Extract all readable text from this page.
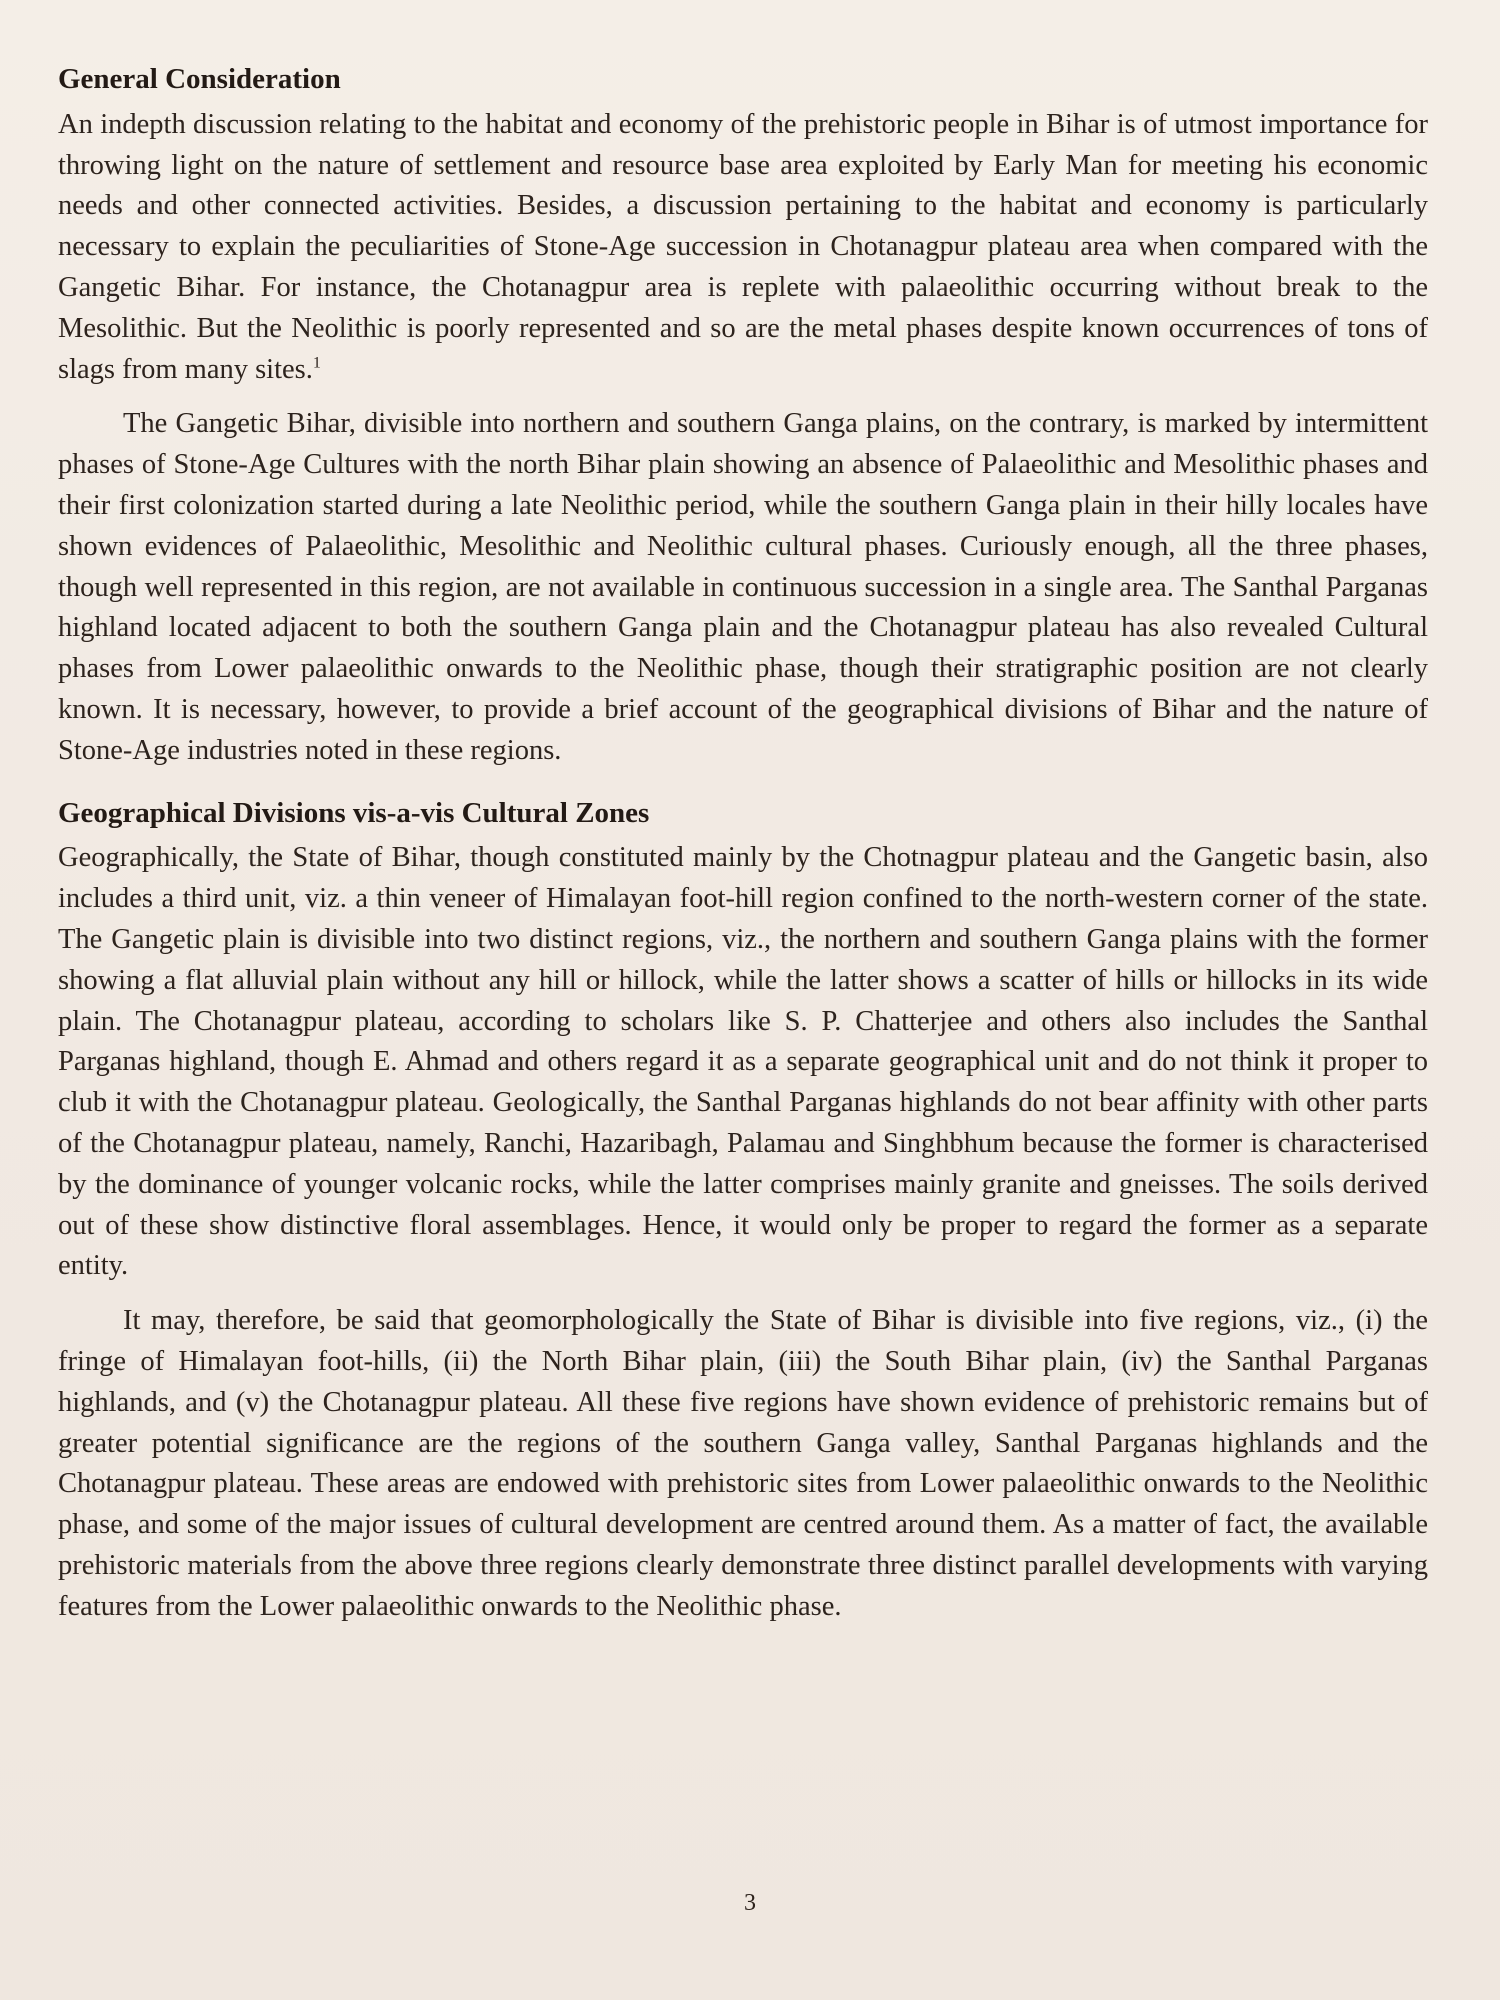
General Consideration

An indepth discussion relating to the habitat and economy of the prehistoric people in Bihar is of utmost importance for throwing light on the nature of settlement and resource base area exploited by Early Man for meeting his economic needs and other connected activities. Besides, a discussion pertaining to the habitat and economy is particularly necessary to explain the peculiarities of Stone-Age succession in Chotanagpur plateau area when compared with the Gangetic Bihar. For instance, the Chotanagpur area is replete with palaeolithic occurring without break to the Mesolithic. But the Neolithic is poorly represented and so are the metal phases despite known occurrences of tons of slags from many sites.$^1$

The Gangetic Bihar, divisible into northern and southern Ganga plains, on the contrary, is marked by intermittent phases of Stone-Age Cultures with the north Bihar plain showing an absence of Palaeolithic and Mesolithic phases and their first colonization started during a late Neolithic period, while the southern Ganga plain in their hilly locales have shown evidences of Palaeolithic, Mesolithic and Neolithic cultural phases. Curiously enough, all the three phases, though well represented in this region, are not available in continuous succession in a single area. The Santhal Parganas highland located adjacent to both the southern Ganga plain and the Chotanagpur plateau has also revealed Cultural phases from Lower palaeolithic onwards to the Neolithic phase, though their stratigraphic position are not clearly known. It is necessary, however, to provide a brief account of the geographical divisions of Bihar and the nature of Stone-Age industries noted in these regions.

Geographical Divisions vis-a-vis Cultural Zones

Geographically, the State of Bihar, though constituted mainly by the Chotnagpur plateau and the Gangetic basin, also includes a third unit, viz. a thin veneer of Himalayan foot-hill region confined to the north-western corner of the state. The Gangetic plain is divisible into two distinct regions, viz., the northern and southern Ganga plains with the former showing a flat alluvial plain without any hill or hillock, while the latter shows a scatter of hills or hillocks in its wide plain. The Chotanagpur plateau, according to scholars like S. P. Chatterjee and others also includes the Santhal Parganas highland, though E. Ahmad and others regard it as a separate geographical unit and do not think it proper to club it with the Chotanagpur plateau. Geologically, the Santhal Parganas highlands do not bear affinity with other parts of the Chotanagpur plateau, namely, Ranchi, Hazaribagh, Palamau and Singhbhum because the former is characterised by the dominance of younger volcanic rocks, while the latter comprises mainly granite and gneisses. The soils derived out of these show distinctive floral assemblages. Hence, it would only be proper to regard the former as a separate entity.

It may, therefore, be said that geomorphologically the State of Bihar is divisible into five regions, viz., (i) the fringe of Himalayan foot-hills, (ii) the North Bihar plain, (iii) the South Bihar plain, (iv) the Santhal Parganas highlands, and (v) the Chotanagpur plateau. All these five regions have shown evidence of prehistoric remains but of greater potential significance are the regions of the southern Ganga valley, Santhal Parganas highlands and the Chotanagpur plateau. These areas are endowed with prehistoric sites from Lower palaeolithic onwards to the Neolithic phase, and some of the major issues of cultural development are centred around them. As a matter of fact, the available prehistoric materials from the above three regions clearly demonstrate three distinct parallel developments with varying features from the Lower palaeolithic onwards to the Neolithic phase.

3
